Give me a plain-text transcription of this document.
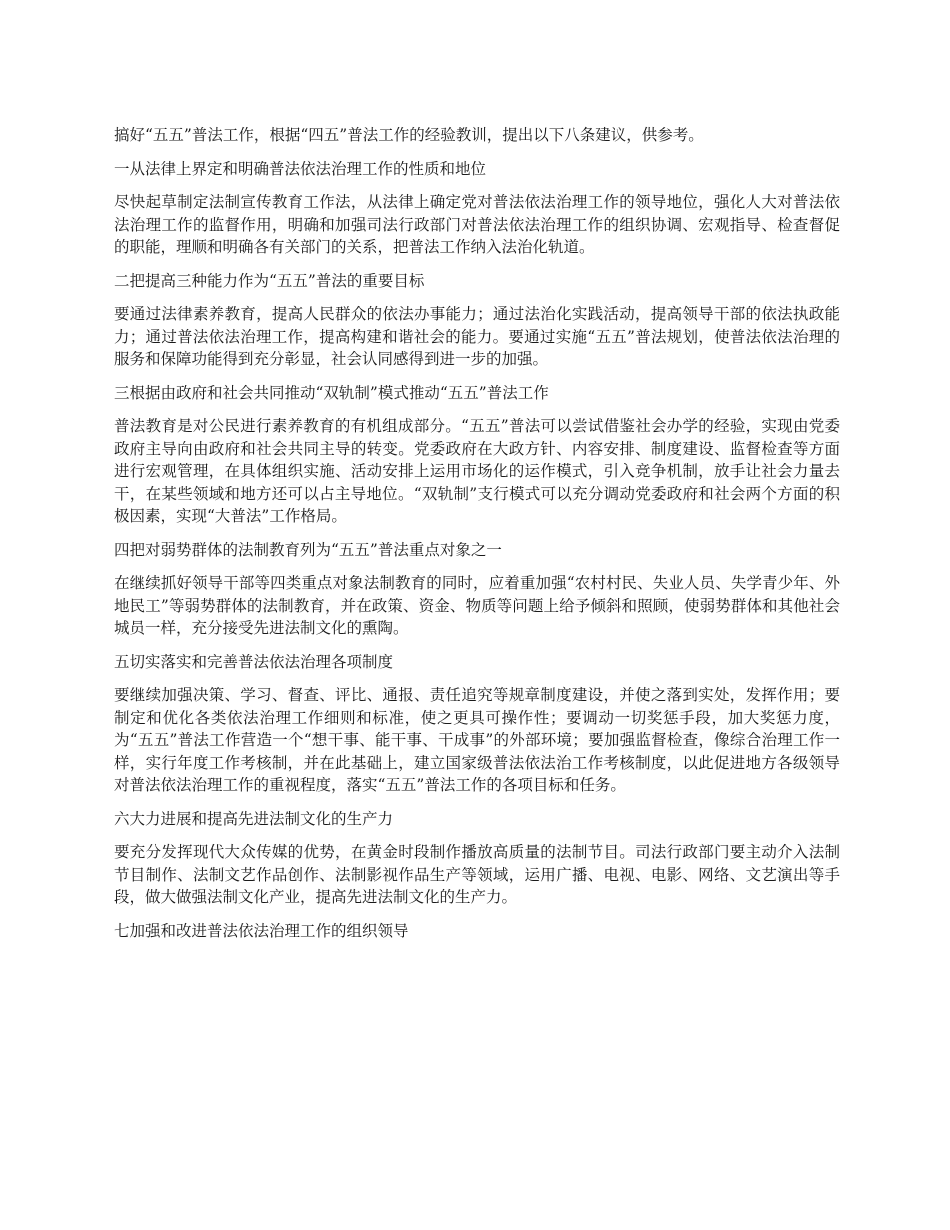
搞好“五五”普法工作，根据“四五”普法工作的经验教训，提出以下八条建议，供参考。

一从法律上界定和明确普法依法治理工作的性质和地位

尽快起草制定法制宣传教育工作法，从法律上确定党对普法依法治理工作的领导地位，强化人大对普法依法治理工作的监督作用，明确和加强司法行政部门对普法依法治理工作的组织协调、宏观指导、检查督促的职能，理顺和明确各有关部门的关系，把普法工作纳入法治化轨道。

二把提高三种能力作为“五五”普法的重要目标

要通过法律素养教育，提高人民群众的依法办事能力；通过法治化实践活动，提高领导干部的依法执政能力；通过普法依法治理工作，提高构建和谐社会的能力。要通过实施“五五”普法规划，使普法依法治理的服务和保障功能得到充分彰显，社会认同感得到进一步的加强。

三根据由政府和社会共同推动“双轨制”模式推动“五五”普法工作

普法教育是对公民进行素养教育的有机组成部分。“五五”普法可以尝试借鉴社会办学的经验，实现由党委政府主导向由政府和社会共同主导的转变。党委政府在大政方针、内容安排、制度建设、监督检查等方面进行宏观管理，在具体组织实施、活动安排上运用市场化的运作模式，引入竞争机制，放手让社会力量去干，在某些领域和地方还可以占主导地位。“双轨制”支行模式可以充分调动党委政府和社会两个方面的积极因素，实现“大普法”工作格局。

四把对弱势群体的法制教育列为“五五”普法重点对象之一

在继续抓好领导干部等四类重点对象法制教育的同时，应着重加强“农村村民、失业人员、失学青少年、外地民工”等弱势群体的法制教育，并在政策、资金、物质等问题上给予倾斜和照顾，使弱势群体和其他社会城员一样，充分接受先进法制文化的熏陶。

五切实落实和完善普法依法治理各项制度

要继续加强决策、学习、督查、评比、通报、责任追究等规章制度建设，并使之落到实处，发挥作用；要制定和优化各类依法治理工作细则和标准，使之更具可操作性；要调动一切奖惩手段，加大奖惩力度，为“五五”普法工作营造一个“想干事、能干事、干成事”的外部环境；要加强监督检查，像综合治理工作一样，实行年度工作考核制，并在此基础上，建立国家级普法依法治工作考核制度，以此促进地方各级领导对普法依法治理工作的重视程度，落实“五五”普法工作的各项目标和任务。

六大力进展和提高先进法制文化的生产力

要充分发挥现代大众传媒的优势，在黄金时段制作播放高质量的法制节目。司法行政部门要主动介入法制节目制作、法制文艺作品创作、法制影视作品生产等领域，运用广播、电视、电影、网络、文艺演出等手段，做大做强法制文化产业，提高先进法制文化的生产力。

七加强和改进普法依法治理工作的组织领导
